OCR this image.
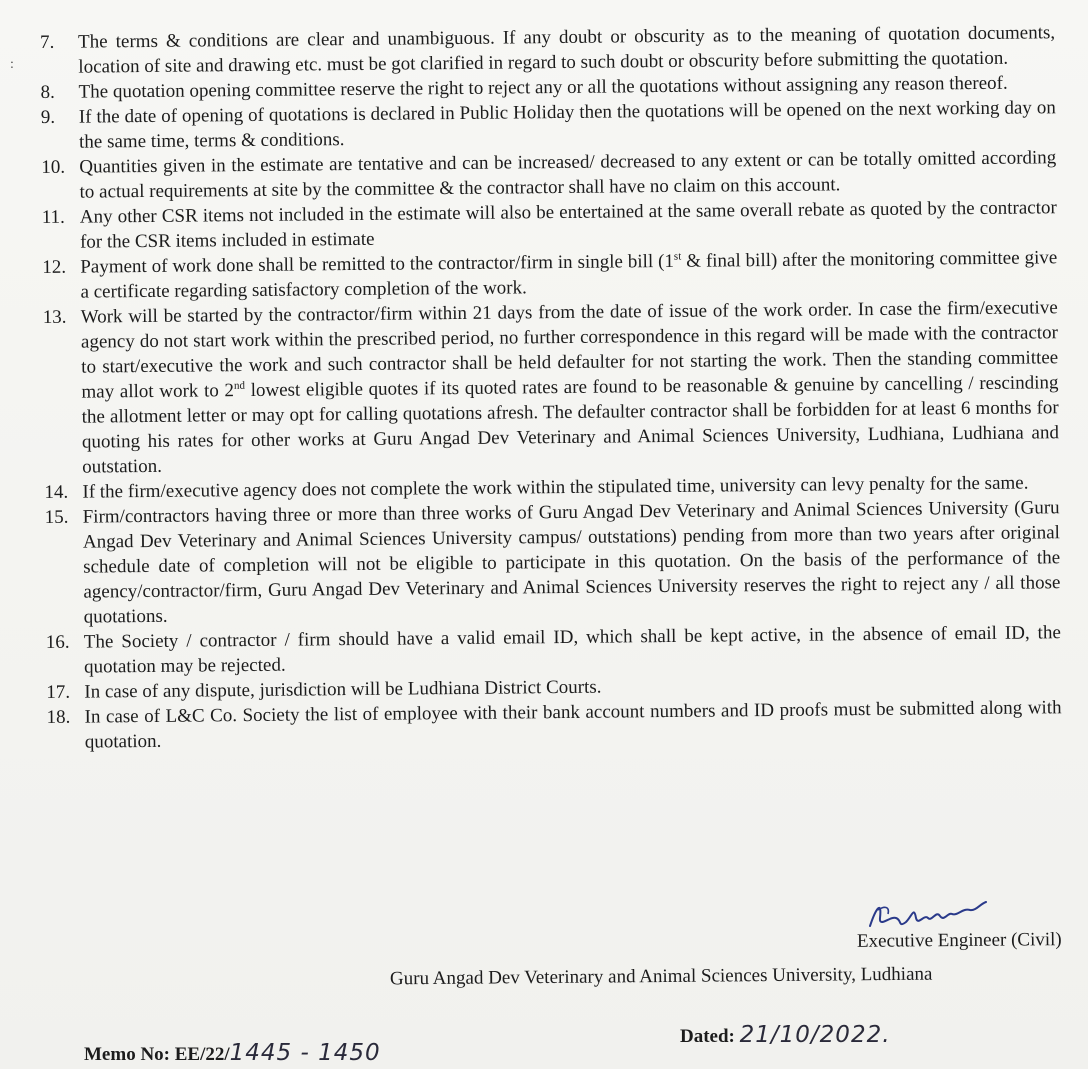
:
7.	The terms & conditions are clear and unambiguous. If any doubt or obscurity as to the meaning of quotation documents, location of site and drawing etc. must be got clarified in regard to such doubt or obscurity before submitting the quotation.
8.	The quotation opening committee reserve the right to reject any or all the quotations without assigning any reason thereof.
9.	If the date of opening of quotations is declared in Public Holiday then the quotations will be opened on the next working day on the same time, terms & conditions.
10. Quantities given in the estimate are tentative and can be increased/ decreased to any extent or can be totally omitted according to actual requirements at site by the committee & the contractor shall have no claim on this account.
11. Any other CSR items not included in the estimate will also be entertained at the same overall rebate as quoted by the contractor for the CSR items included in estimate
12. Payment of work done shall be remitted to the contractor/firm in single bill (1st & final bill) after the monitoring committee give a certificate regarding satisfactory completion of the work.
13. Work will be started by the contractor/firm within 21 days from the date of issue of the work order. In case the firm/executive agency do not start work within the prescribed period, no further correspondence in this regard will be made with the contractor to start/executive the work and such contractor shall be held defaulter for not starting the work. Then the standing committee may allot work to 2nd lowest eligible quotes if its quoted rates are found to be reasonable & genuine by cancelling / rescinding the allotment letter or may opt for calling quotations afresh. The defaulter contractor shall be forbidden for at least 6 months for quoting his rates for other works at Guru Angad Dev Veterinary and Animal Sciences University, Ludhiana, Ludhiana and outstation.
14. If the firm/executive agency does not complete the work within the stipulated time, university can levy penalty for the same.
15. Firm/contractors having three or more than three works of Guru Angad Dev Veterinary and Animal Sciences University (Guru Angad Dev Veterinary and Animal Sciences University campus/ outstations) pending from more than two years after original schedule date of completion will not be eligible to participate in this quotation. On the basis of the performance of the agency/contractor/firm, Guru Angad Dev Veterinary and Animal Sciences University reserves the right to reject any / all those quotations.
16. The Society / contractor / firm should have a valid email ID, which shall be kept active, in the absence of email ID, the quotation may be rejected.
17. In case of any dispute, jurisdiction will be Ludhiana District Courts.
18. In case of L&C Co. Society the list of employee with their bank account numbers and ID proofs must be submitted along with quotation.
Executive Engineer (Civil)
Guru Angad Dev Veterinary and Animal Sciences University, Ludhiana
Memo No: EE/22/1445 - 1450
Dated: 21/10/2022.
